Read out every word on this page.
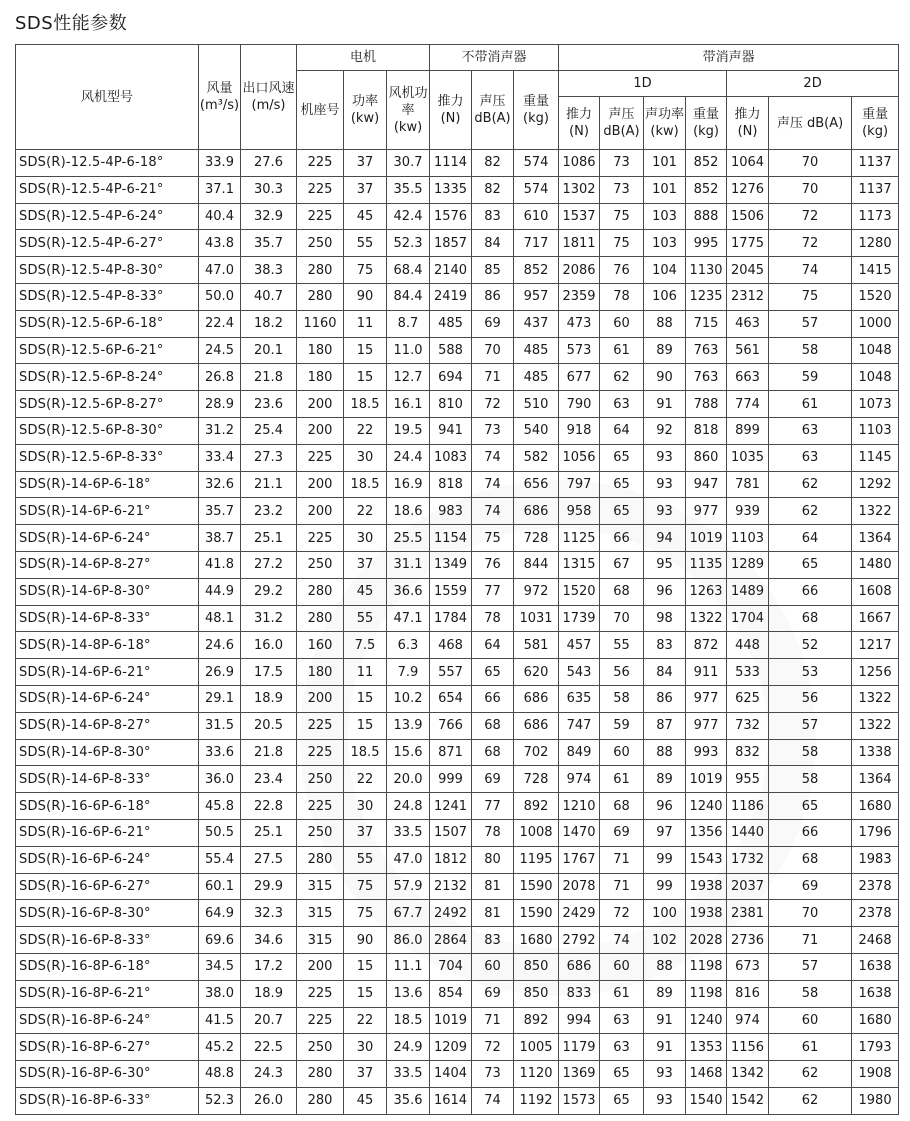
SDS性能参数
风机型号	风量 (m³/s)	出口风速 (m/s)	电机			不带消声器			带消声器						
			机座号	功率 (kw)	风机功率 (kw)	推力 (N)	声压 dB(A)	重量 (kg)	1D				2D		
									推力 (N)	声压 dB(A)	声功率(kw)	重量 (kg)	推力 (N)	声压 dB(A)	重量 (kg)
SDS(R)-12.5-4P-6-18°	33.9	27.6	225	37	30.7	1114	82	574	1086	73	101	852	1064	70	1137
SDS(R)-12.5-4P-6-21°	37.1	30.3	225	37	35.5	1335	82	574	1302	73	101	852	1276	70	1137
SDS(R)-12.5-4P-6-24°	40.4	32.9	225	45	42.4	1576	83	610	1537	75	103	888	1506	72	1173
SDS(R)-12.5-4P-6-27°	43.8	35.7	250	55	52.3	1857	84	717	1811	75	103	995	1775	72	1280
SDS(R)-12.5-4P-8-30°	47.0	38.3	280	75	68.4	2140	85	852	2086	76	104	1130	2045	74	1415
SDS(R)-12.5-4P-8-33°	50.0	40.7	280	90	84.4	2419	86	957	2359	78	106	1235	2312	75	1520
SDS(R)-12.5-6P-6-18°	22.4	18.2	1160	11	8.7	485	69	437	473	60	88	715	463	57	1000
SDS(R)-12.5-6P-6-21°	24.5	20.1	180	15	11.0	588	70	485	573	61	89	763	561	58	1048
SDS(R)-12.5-6P-8-24°	26.8	21.8	180	15	12.7	694	71	485	677	62	90	763	663	59	1048
SDS(R)-12.5-6P-8-27°	28.9	23.6	200	18.5	16.1	810	72	510	790	63	91	788	774	61	1073
SDS(R)-12.5-6P-8-30°	31.2	25.4	200	22	19.5	941	73	540	918	64	92	818	899	63	1103
SDS(R)-12.5-6P-8-33°	33.4	27.3	225	30	24.4	1083	74	582	1056	65	93	860	1035	63	1145
SDS(R)-14-6P-6-18°	32.6	21.1	200	18.5	16.9	818	74	656	797	65	93	947	781	62	1292
SDS(R)-14-6P-6-21°	35.7	23.2	200	22	18.6	983	74	686	958	65	93	977	939	62	1322
SDS(R)-14-6P-6-24°	38.7	25.1	225	30	25.5	1154	75	728	1125	66	94	1019	1103	64	1364
SDS(R)-14-6P-8-27°	41.8	27.2	250	37	31.1	1349	76	844	1315	67	95	1135	1289	65	1480
SDS(R)-14-6P-8-30°	44.9	29.2	280	45	36.6	1559	77	972	1520	68	96	1263	1489	66	1608
SDS(R)-14-6P-8-33°	48.1	31.2	280	55	47.1	1784	78	1031	1739	70	98	1322	1704	68	1667
SDS(R)-14-8P-6-18°	24.6	16.0	160	7.5	6.3	468	64	581	457	55	83	872	448	52	1217
SDS(R)-14-6P-6-21°	26.9	17.5	180	11	7.9	557	65	620	543	56	84	911	533	53	1256
SDS(R)-14-6P-6-24°	29.1	18.9	200	15	10.2	654	66	686	635	58	86	977	625	56	1322
SDS(R)-14-6P-8-27°	31.5	20.5	225	15	13.9	766	68	686	747	59	87	977	732	57	1322
SDS(R)-14-6P-8-30°	33.6	21.8	225	18.5	15.6	871	68	702	849	60	88	993	832	58	1338
SDS(R)-14-6P-8-33°	36.0	23.4	250	22	20.0	999	69	728	974	61	89	1019	955	58	1364
SDS(R)-16-6P-6-18°	45.8	22.8	225	30	24.8	1241	77	892	1210	68	96	1240	1186	65	1680
SDS(R)-16-6P-6-21°	50.5	25.1	250	37	33.5	1507	78	1008	1470	69	97	1356	1440	66	1796
SDS(R)-16-6P-6-24°	55.4	27.5	280	55	47.0	1812	80	1195	1767	71	99	1543	1732	68	1983
SDS(R)-16-6P-6-27°	60.1	29.9	315	75	57.9	2132	81	1590	2078	71	99	1938	2037	69	2378
SDS(R)-16-6P-8-30°	64.9	32.3	315	75	67.7	2492	81	1590	2429	72	100	1938	2381	70	2378
SDS(R)-16-6P-8-33°	69.6	34.6	315	90	86.0	2864	83	1680	2792	74	102	2028	2736	71	2468
SDS(R)-16-8P-6-18°	34.5	17.2	200	15	11.1	704	60	850	686	60	88	1198	673	57	1638
SDS(R)-16-8P-6-21°	38.0	18.9	225	15	13.6	854	69	850	833	61	89	1198	816	58	1638
SDS(R)-16-8P-6-24°	41.5	20.7	225	22	18.5	1019	71	892	994	63	91	1240	974	60	1680
SDS(R)-16-8P-6-27°	45.2	22.5	250	30	24.9	1209	72	1005	1179	63	91	1353	1156	61	1793
SDS(R)-16-8P-6-30°	48.8	24.3	280	37	33.5	1404	73	1120	1369	65	93	1468	1342	62	1908
SDS(R)-16-8P-6-33°	52.3	26.0	280	45	35.6	1614	74	1192	1573	65	93	1540	1542	62	1980
